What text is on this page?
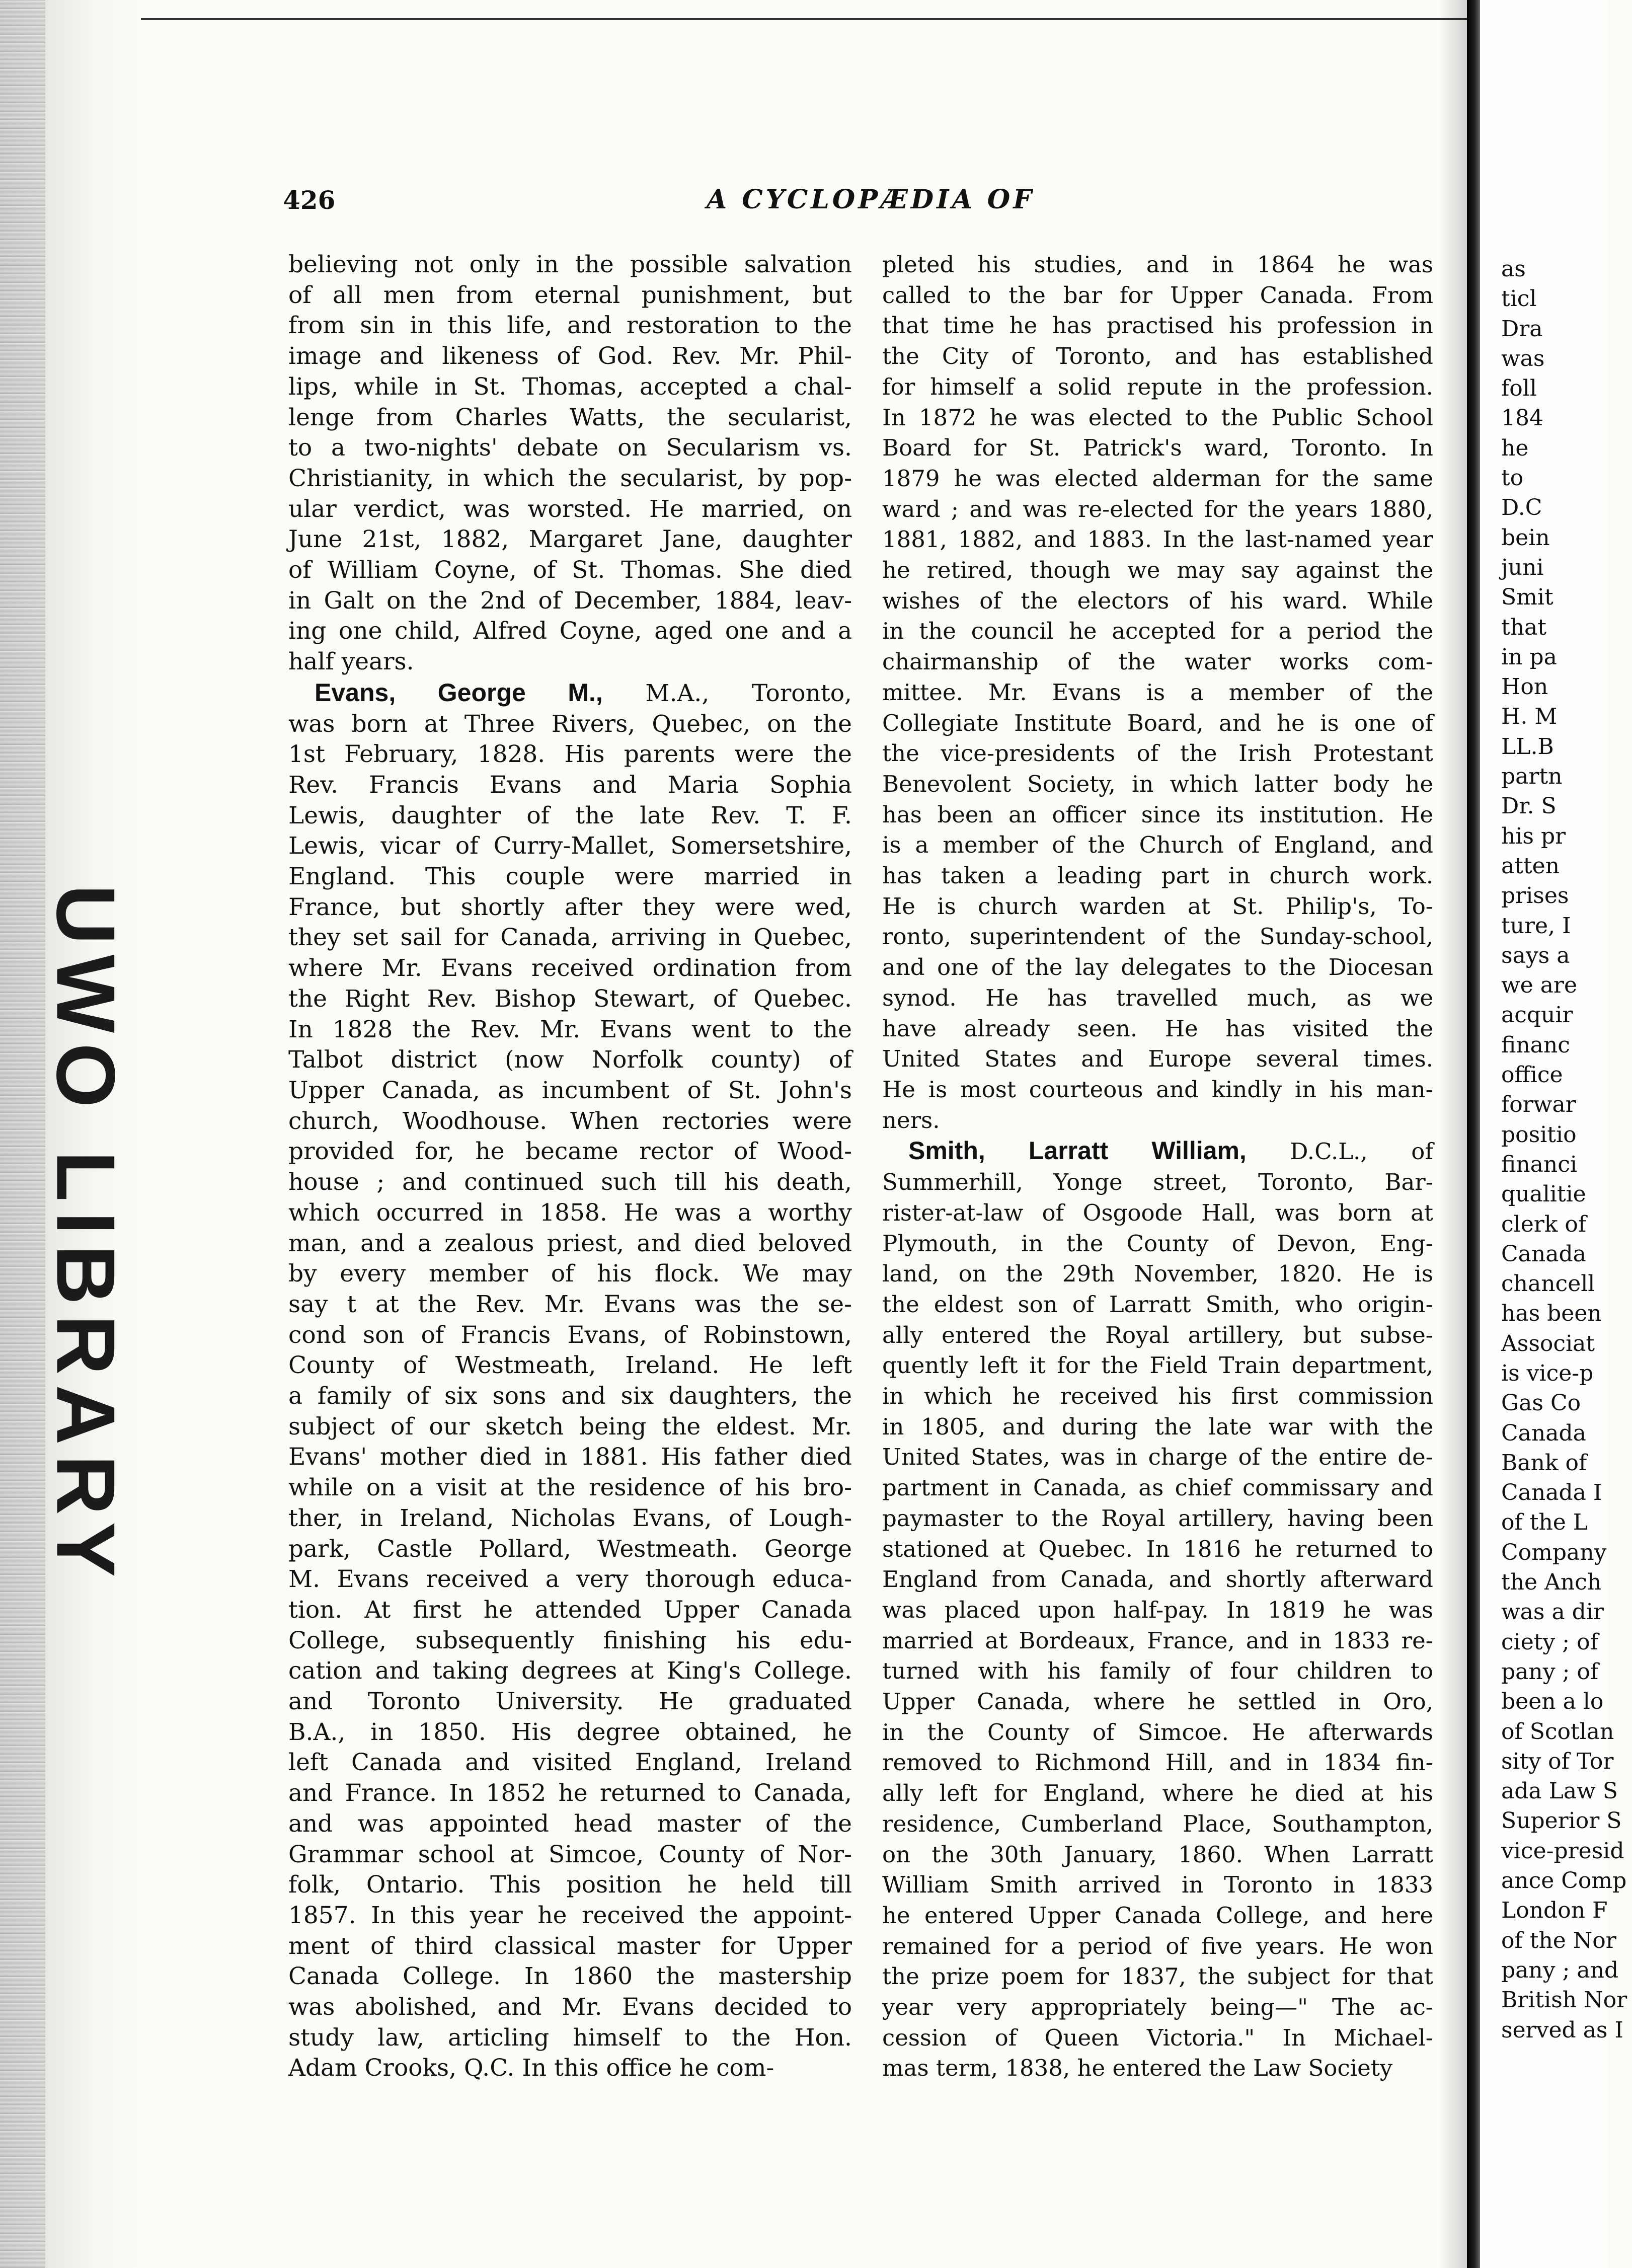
UWO LIBRARY
426	A CYCLOPÆDIA OF
believing not only in the possible salvation
of all men from eternal punishment, but
from sin in this life, and restoration to the
image and likeness of God. Rev. Mr. Phil-
lips, while in St. Thomas, accepted a chal-
lenge from Charles Watts, the secularist,
to a two-nights' debate on Secularism vs.
Christianity, in which the secularist, by pop-
ular verdict, was worsted. He married, on
June 21st, 1882, Margaret Jane, daughter
of William Coyne, of St. Thomas. She died
in Galt on the 2nd of December, 1884, leav-
ing one child, Alfred Coyne, aged one and a
half years.
Evans, George M., M.A., Toronto,
was born at Three Rivers, Quebec, on the
1st February, 1828. His parents were the
Rev. Francis Evans and Maria Sophia
Lewis, daughter of the late Rev. T. F.
Lewis, vicar of Curry-Mallet, Somersetshire,
England. This couple were married in
France, but shortly after they were wed,
they set sail for Canada, arriving in Quebec,
where Mr. Evans received ordination from
the Right Rev. Bishop Stewart, of Quebec.
In 1828 the Rev. Mr. Evans went to the
Talbot district (now Norfolk county) of
Upper Canada, as incumbent of St. John's
church, Woodhouse. When rectories were
provided for, he became rector of Wood-
house ; and continued such till his death,
which occurred in 1858. He was a worthy
man, and a zealous priest, and died beloved
by every member of his flock. We may
say t at the Rev. Mr. Evans was the se-
cond son of Francis Evans, of Robinstown,
County of Westmeath, Ireland. He left
a family of six sons and six daughters, the
subject of our sketch being the eldest. Mr.
Evans' mother died in 1881. His father died
while on a visit at the residence of his bro-
ther, in Ireland, Nicholas Evans, of Lough-
park, Castle Pollard, Westmeath. George
M. Evans received a very thorough educa-
tion. At first he attended Upper Canada
College, subsequently finishing his edu-
cation and taking degrees at King's College.
and Toronto University. He graduated
B.A., in 1850. His degree obtained, he
left Canada and visited England, Ireland
and France. In 1852 he returned to Canada,
and was appointed head master of the
Grammar school at Simcoe, County of Nor-
folk, Ontario. This position he held till
1857. In this year he received the appoint-
ment of third classical master for Upper
Canada College. In 1860 the mastership
was abolished, and Mr. Evans decided to
study law, articling himself to the Hon.
Adam Crooks, Q.C. In this office he com-
pleted his studies, and in 1864 he was
called to the bar for Upper Canada. From
that time he has practised his profession in
the City of Toronto, and has established
for himself a solid repute in the profession.
In 1872 he was elected to the Public School
Board for St. Patrick's ward, Toronto. In
1879 he was elected alderman for the same
ward ; and was re-elected for the years 1880,
1881, 1882, and 1883. In the last-named year
he retired, though we may say against the
wishes of the electors of his ward. While
in the council he accepted for a period the
chairmanship of the water works com-
mittee. Mr. Evans is a member of the
Collegiate Institute Board, and he is one of
the vice-presidents of the Irish Protestant
Benevolent Society, in which latter body he
has been an officer since its institution. He
is a member of the Church of England, and
has taken a leading part in church work.
He is church warden at St. Philip's, To-
ronto, superintendent of the Sunday-school,
and one of the lay delegates to the Diocesan
synod. He has travelled much, as we
have already seen. He has visited the
United States and Europe several times.
He is most courteous and kindly in his man-
ners.
Smith, Larratt William, D.C.L., of
Summerhill, Yonge street, Toronto, Bar-
rister-at-law of Osgoode Hall, was born at
Plymouth, in the County of Devon, Eng-
land, on the 29th November, 1820. He is
the eldest son of Larratt Smith, who origin-
ally entered the Royal artillery, but subse-
quently left it for the Field Train department,
in which he received his first commission
in 1805, and during the late war with the
United States, was in charge of the entire de-
partment in Canada, as chief commissary and
paymaster to the Royal artillery, having been
stationed at Quebec. In 1816 he returned to
England from Canada, and shortly afterward
was placed upon half-pay. In 1819 he was
married at Bordeaux, France, and in 1833 re-
turned with his family of four children to
Upper Canada, where he settled in Oro,
in the County of Simcoe. He afterwards
removed to Richmond Hill, and in 1834 fin-
ally left for England, where he died at his
residence, Cumberland Place, Southampton,
on the 30th January, 1860. When Larratt
William Smith arrived in Toronto in 1833
he entered Upper Canada College, and here
remained for a period of five years. He won
the prize poem for 1837, the subject for that
year very appropriately being—" The ac-
cession of Queen Victoria." In Michael-
mas term, 1838, he entered the Law Society
as
ticl
Dra
was
foll
184
he
to
D.C
bein
juni
Smit
that
in pa
Hon
H. M
LL.B
partn
Dr. S
his pr
atten
prises
ture, I
says a
we are
acquir
financ
office
forwar
positio
financi
qualitie
clerk of
Canada
chancell
has been
Associat
is vice-p
Gas Co
Canada
Bank of
Canada I
of the L
Company
the Anch
was a dir
ciety ; of
pany ; of
been a lo
of Scotlan
sity of Tor
ada Law S
Superior S
vice-presid
ance Comp
London F
of the Nor
pany ; and
British Nor
served as I
